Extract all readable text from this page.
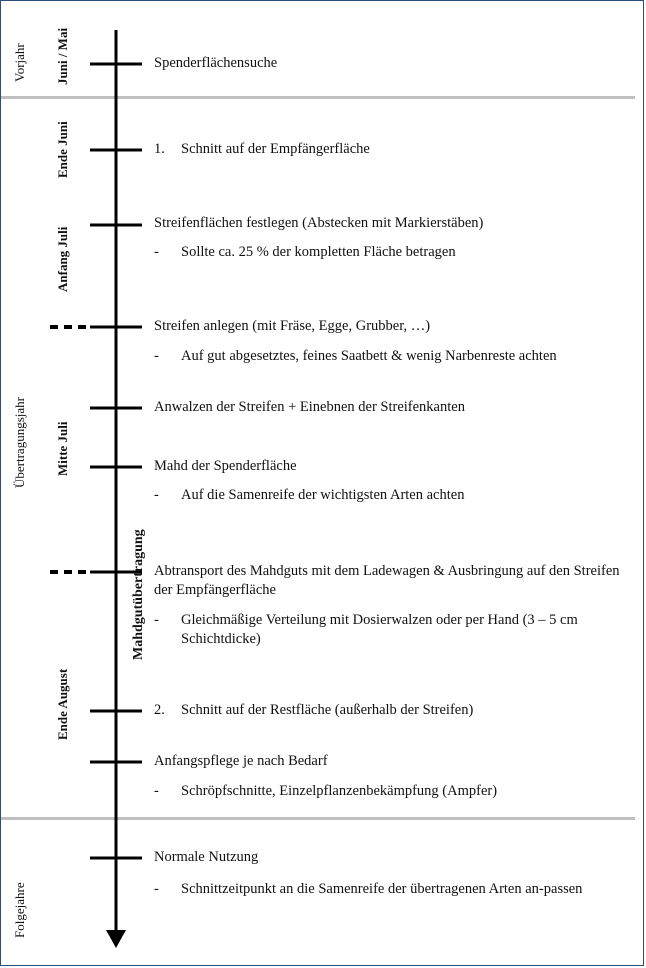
Vorjahr
Übertragungsjahr
Folgejahre
Juni / Mai
Ende Juni
Anfang Juli
Mitte Juli
Ende August
Mahdgutübertragung
Spenderflächensuche
1. Schnitt auf der Empfängerfläche
Streifenflächen festlegen (Abstecken mit Markierstäben)
- Sollte ca. 25 % der kompletten Fläche betragen
Streifen anlegen (mit Fräse, Egge, Grubber, …)
- Auf gut abgesetztes, feines Saatbett & wenig Narbenreste achten
Anwalzen der Streifen + Einebnen der Streifenkanten
Mahd der Spenderfläche
- Auf die Samenreife der wichtigsten Arten achten
Abtransport des Mahdguts mit dem Ladewagen & Ausbringung auf den Streifen der Empfängerfläche
- Gleichmäßige Verteilung mit Dosierwalzen oder per Hand (3 – 5 cm Schichtdicke)
2. Schnitt auf der Restfläche (außerhalb der Streifen)
Anfangspflege je nach Bedarf
- Schröpfschnitte, Einzelpflanzenbekämpfung (Ampfer)
Normale Nutzung
- Schnittzeitpunkt an die Samenreife der übertragenen Arten an-passen
